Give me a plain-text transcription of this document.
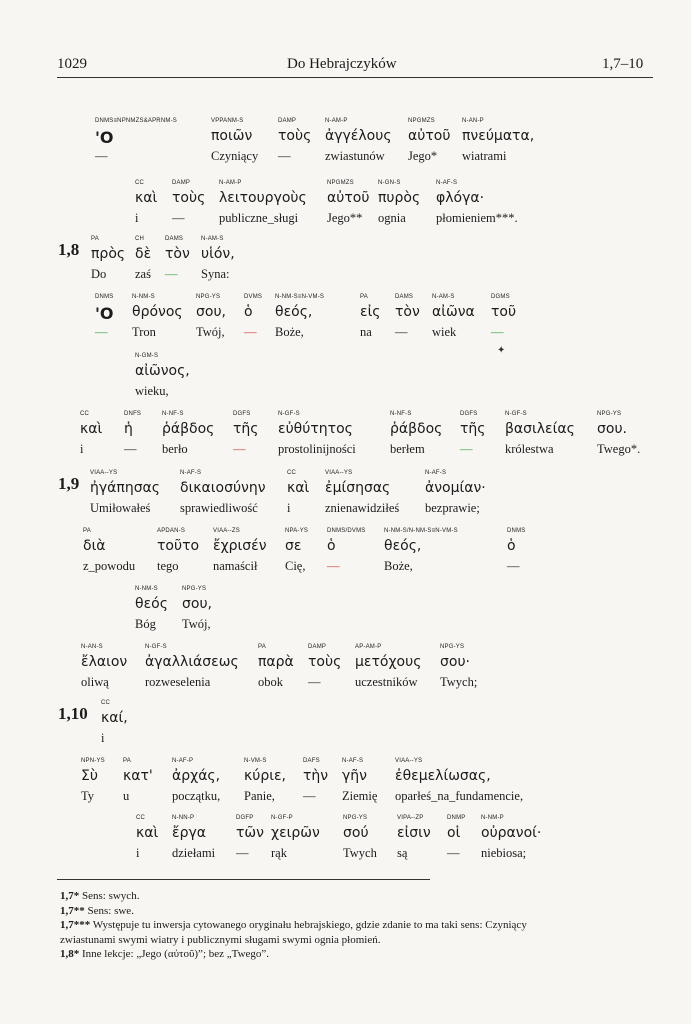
1029	Do Hebrajczyków	1,7–10
1,8
1,9
1,10
DNMS≡NPNMZS&APRNM-S
'O
—
VPPANM-S
ποιῶν
Czyniący
DAMP
τοὺς
—
N-AM-P
ἀγγέλους
zwiastunów
NPGMZS
αὐτοῦ
Jego*
N-AN-P
πνεύματα,
wiatrami
CC
καὶ
i
DAMP
τοὺς
—
N-AM-P
λειτουργοὺς
publiczne_sługi
NPGMZS
αὐτοῦ
Jego**
N-GN-S
πυρὸς
ognia
N-AF-S
φλόγα·
płomieniem***.
PA
πρὸς
Do
CH
δὲ
zaś
DAMS
τὸν
—
N-AM-S
υἱόν,
Syna:
DNMS
'O
—
N-NM-S
θρόνος
Tron
NPG-YS
σου,
Twój,
DVMS
ὁ
—
N-NM-S≡N-VM-S
θεός,
Boże,
PA
εἰς
na
DAMS
τὸν
—
N-AM-S
αἰῶνα
wiek
DGMS
τοῦ
—
N-GM-S
αἰῶνος,
wieku,
CC
καὶ
i
DNFS
ἡ
—
N-NF-S
ῥάβδος
berło
DGFS
τῆς
—
N-GF-S
εὐθύτητος
prostolinijności
N-NF-S
ῥάβδος
berłem
DGFS
τῆς
—
N-GF-S
βασιλείας
królestwa
NPG-YS
σου.
Twego*.
VIAA--YS
ἠγάπησας
Umiłowałeś
N-AF-S
δικαιοσύνην
sprawiedliwość
CC
καὶ
i
VIAA--YS
ἐμίσησας
znienawidziłeś
N-AF-S
ἀνομίαν·
bezprawie;
PA
διὰ
z_powodu
APDAN-S
τοῦτο
tego
VIAA--ZS
ἔχρισέν
namaścił
NPA-YS
σε
Cię,
DNMS/DVMS
ὁ
—
N-NM-S/N-NM-S≡N-VM-S
θεός,
Boże,
DNMS
ὁ
—
N-NM-S
θεός
Bóg
NPG-YS
σου,
Twój,
N-AN-S
ἔλαιον
oliwą
N-GF-S
ἀγαλλιάσεως
rozweselenia
PA
παρὰ
obok
DAMP
τοὺς
—
AP-AM-P
μετόχους
uczestników
NPG-YS
σου·
Twych;
CC
καί,
i
NPN-YS
Σὺ
Ty
PA
κατ'
u
N-AF-P
ἀρχάς,
początku,
N-VM-S
κύριε,
Panie,
DAFS
τὴν
—
N-AF-S
γῆν
Ziemię
VIAA--YS
ἐθεμελίωσας,
oparłeś_na_fundamencie,
CC
καὶ
i
N-NN-P
ἔργα
dziełami
DGFP
τῶν
—
N-GF-P
χειρῶν
rąk
NPG-YS
σού
Twych
VIPA--ZP
εἰσιν
są
DNMP
οἱ
—
N-NM-P
οὐρανοί·
niebiosa;
✦
1,7* Sens: swych.
1,7** Sens: swe.
1,7*** Występuje tu inwersja cytowanego oryginału hebrajskiego, gdzie zdanie to ma taki sens: Czyniący
zwiastunami swymi wiatry i publicznymi sługami swymi ognia płomień.
1,8* Inne lekcje: „Jego (αὐτοῦ)”; bez „Twego”.
